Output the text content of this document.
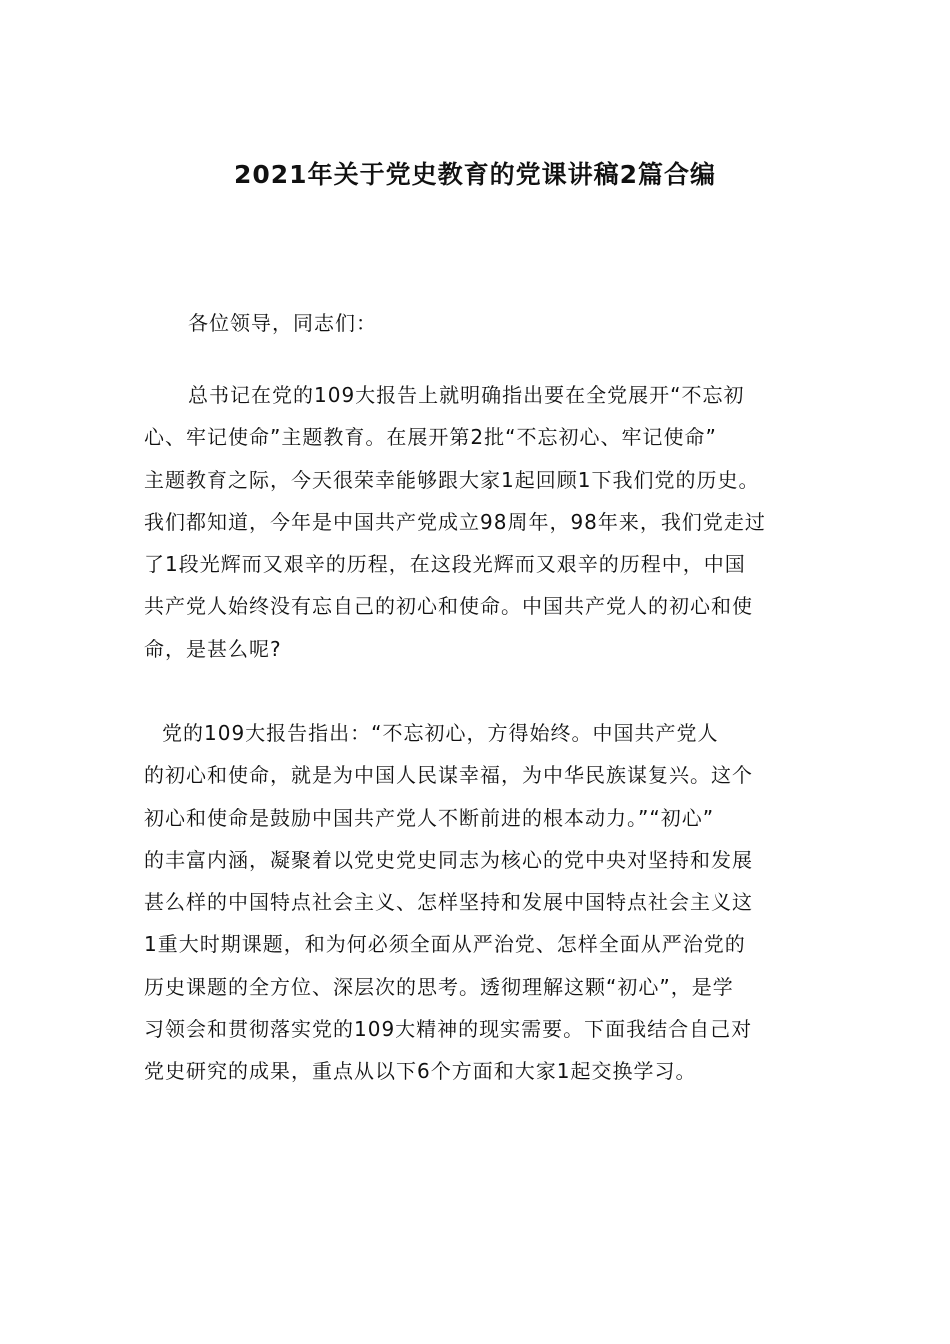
2021年关于党史教育的党课讲稿2篇合编
各位领导，同志们：
总书记在党的109大报告上就明确指出要在全党展开“不忘初
心、牢记使命”主题教育。在展开第2批“不忘初心、牢记使命”
主题教育之际，今天很荣幸能够跟大家1起回顾1下我们党的历史。
我们都知道，今年是中国共产党成立98周年，98年来，我们党走过
了1段光辉而又艰辛的历程，在这段光辉而又艰辛的历程中，中国
共产党人始终没有忘自己的初心和使命。中国共产党人的初心和使
命，是甚么呢?
党的109大报告指出：“不忘初心，方得始终。中国共产党人
的初心和使命，就是为中国人民谋幸福，为中华民族谋复兴。这个
初心和使命是鼓励中国共产党人不断前进的根本动力。”“初心”
的丰富内涵，凝聚着以党史党史同志为核心的党中央对坚持和发展
甚么样的中国特点社会主义、怎样坚持和发展中国特点社会主义这
1重大时期课题，和为何必须全面从严治党、怎样全面从严治党的
历史课题的全方位、深层次的思考。透彻理解这颗“初心”，是学
习领会和贯彻落实党的109大精神的现实需要。下面我结合自己对
党史研究的成果，重点从以下6个方面和大家1起交换学习。
